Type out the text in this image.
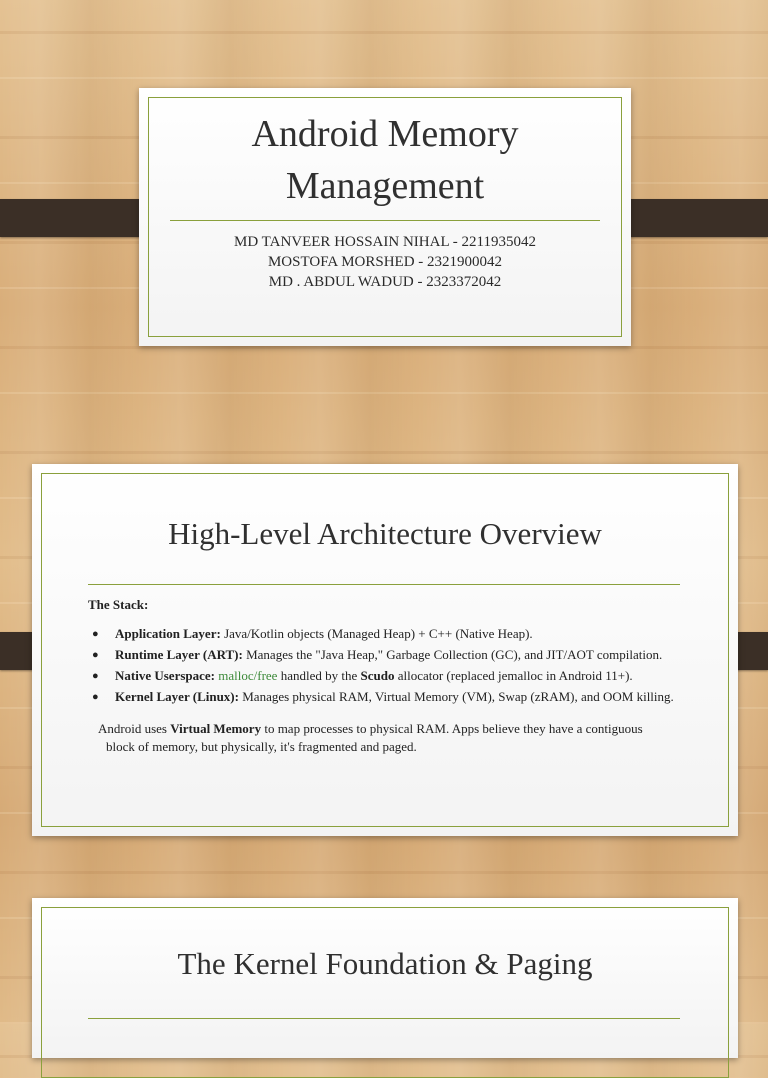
Android Memory
Management
MD TANVEER HOSSAIN NIHAL - 2211935042
MOSTOFA MORSHED - 2321900042
MD . ABDUL WADUD - 2323372042
High-Level Architecture Overview
The Stack:
● Application Layer: Java/Kotlin objects (Managed Heap) + C++ (Native Heap).
● Runtime Layer (ART): Manages the "Java Heap," Garbage Collection (GC), and JIT/AOT compilation.
● Native Userspace: malloc/free handled by the Scudo allocator (replaced jemalloc in Android 11+).
● Kernel Layer (Linux): Manages physical RAM, Virtual Memory (VM), Swap (zRAM), and OOM killing.
Android uses Virtual Memory to map processes to physical RAM. Apps believe they have a contiguous
block of memory, but physically, it's fragmented and paged.
The Kernel Foundation & Paging
